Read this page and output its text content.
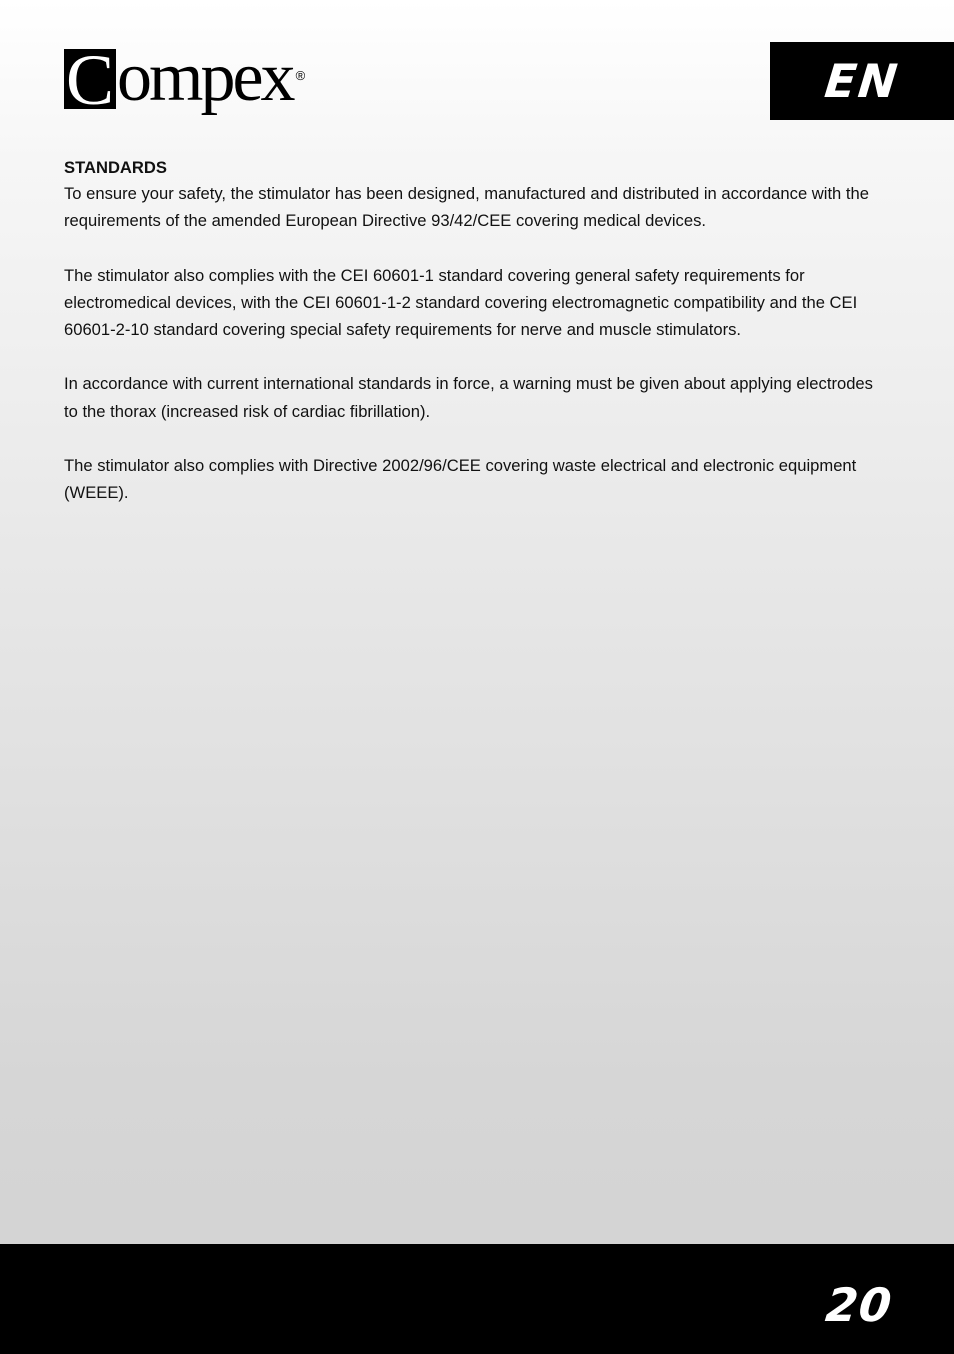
C ompex ®	EN

STANDARDS

To ensure your safety, the stimulator has been designed, manufactured and distributed in accordance with the requirements of the amended European Directive 93/42/CEE covering medical devices.

The stimulator also complies with the CEI 60601-1 standard covering general safety requirements for electromedical devices, with the CEI 60601-1-2 standard covering electromagnetic compatibility and the CEI 60601-2-10 standard covering special safety requirements for nerve and muscle stimulators.

In accordance with current international standards in force, a warning must be given about applying electrodes to the thorax (increased risk of cardiac fibrillation).

The stimulator also complies with Directive 2002/96/CEE covering waste electrical and electronic equipment (WEEE).

20
